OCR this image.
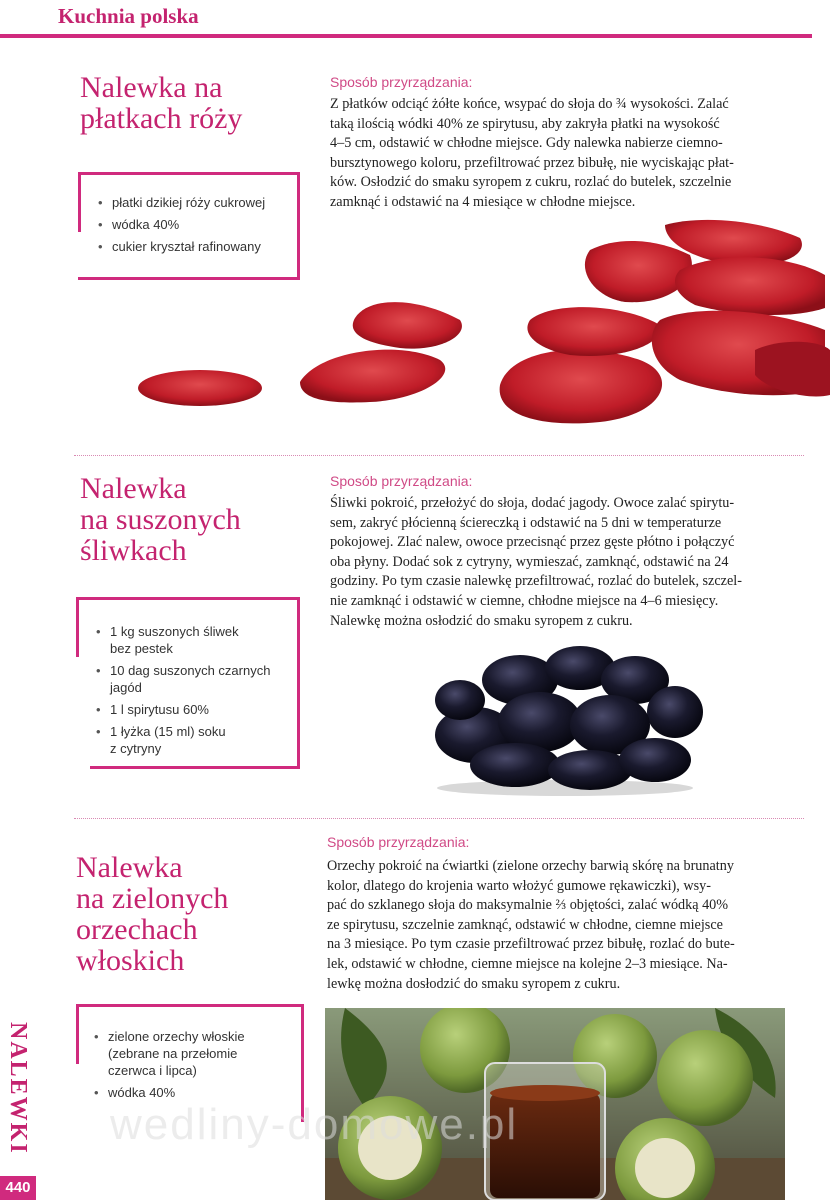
Kuchnia polska
Nalewka na
płatkach róży
• płatki dzikiej róży cukrowej
• wódka 40%
• cukier kryształ rafinowany
Sposób przyrządzania:
Z płatków odciąć żółte końce, wsypać do słoja do ¾ wysokości. Zalać
taką ilością wódki 40% ze spirytusu, aby zakryła płatki na wysokość
4–5 cm, odstawić w chłodne miejsce. Gdy nalewka nabierze ciemno-
bursztynowego koloru, przefiltrować przez bibułę, nie wyciskając płat-
ków. Osłodzić do smaku syropem z cukru, rozlać do butelek, szczelnie
zamknąć i odstawić na 4 miesiące w chłodne miejsce.
Nalewka
na suszonych
śliwkach
• 1 kg suszonych śliwek
bez pestek
• 10 dag suszonych czarnych
jagód
• 1 l spirytusu 60%
• 1 łyżka (15 ml) soku
z cytryny
Sposób przyrządzania:
Śliwki pokroić, przełożyć do słoja, dodać jagody. Owoce zalać spirytu-
sem, zakryć płócienną ściereczką i odstawić na 5 dni w temperaturze
pokojowej. Zlać nalew, owoce przecisnąć przez gęste płótno i połączyć
oba płyny. Dodać sok z cytryny, wymieszać, zamknąć, odstawić na 24
godziny. Po tym czasie nalewkę przefiltrować, rozlać do butelek, szczel-
nie zamknąć i odstawić w ciemne, chłodne miejsce na 4–6 miesięcy.
Nalewkę można osłodzić do smaku syropem z cukru.
Nalewka
na zielonych
orzechach
włoskich
• zielone orzechy włoskie
(zebrane na przełomie
czerwca i lipca)
• wódka 40%
Sposób przyrządzania:
Orzechy pokroić na ćwiartki (zielone orzechy barwią skórę na brunatny
kolor, dlatego do krojenia warto włożyć gumowe rękawiczki), wsy-
pać do szklanego słoja do maksymalnie ⅔ objętości, zalać wódką 40%
ze spirytusu, szczelnie zamknąć, odstawić w chłodne, ciemne miejsce
na 3 miesiące. Po tym czasie przefiltrować przez bibułę, rozlać do bute-
lek, odstawić w chłodne, ciemne miejsce na kolejne 2–3 miesiące. Na-
lewkę można dosłodzić do smaku syropem z cukru.
wedliny-domowe.pl
NALEWKI
440
